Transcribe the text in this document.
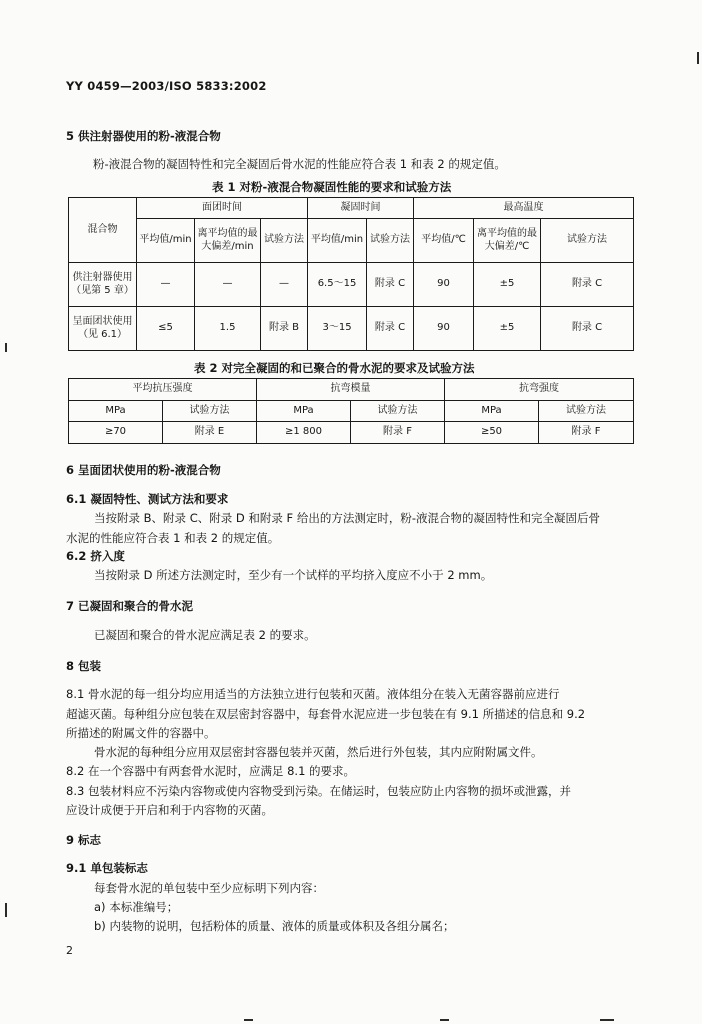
YY 0459—2003/ISO 5833:2002
5 供注射器使用的粉-液混合物
粉-液混合物的凝固特性和完全凝固后骨水泥的性能应符合表 1 和表 2 的规定值。
表 1 对粉-液混合物凝固性能的要求和试验方法
混合物	面团时间			凝固时间		最高温度		
	平均值/min	离平均值的最大偏差/min	试验方法	平均值/min	试验方法	平均值/℃	离平均值的最大偏差/℃	试验方法
供注射器使用（见第 5 章）	—	—	—	6.5～15	附录 C	90	±5	附录 C
呈面团状使用（见 6.1）	≤5	1.5	附录 B	3～15	附录 C	90	±5	附录 C
表 2 对完全凝固的和已聚合的骨水泥的要求及试验方法
平均抗压强度		抗弯模量		抗弯强度	
MPa	试验方法	MPa	试验方法	MPa	试验方法
≥70	附录 E	≥1 800	附录 F	≥50	附录 F
6 呈面团状使用的粉-液混合物
6.1 凝固特性、测试方法和要求
当按附录 B、附录 C、附录 D 和附录 F 给出的方法测定时，粉-液混合物的凝固特性和完全凝固后骨
水泥的性能应符合表 1 和表 2 的规定值。
6.2 挤入度
当按附录 D 所述方法测定时，至少有一个试样的平均挤入度应不小于 2 mm。
7 已凝固和聚合的骨水泥
已凝固和聚合的骨水泥应满足表 2 的要求。
8 包装
8.1 骨水泥的每一组分均应用适当的方法独立进行包装和灭菌。液体组分在装入无菌容器前应进行
超滤灭菌。每种组分应包装在双层密封容器中，每套骨水泥应进一步包装在有 9.1 所描述的信息和 9.2
所描述的附属文件的容器中。
骨水泥的每种组分应用双层密封容器包装并灭菌，然后进行外包装，其内应附附属文件。
8.2 在一个容器中有两套骨水泥时，应满足 8.1 的要求。
8.3 包装材料应不污染内容物或使内容物受到污染。在储运时，包装应防止内容物的损坏或泄露，并
应设计成便于开启和利于内容物的灭菌。
9 标志
9.1 单包装标志
每套骨水泥的单包装中至少应标明下列内容：
a) 本标准编号；
b) 内装物的说明，包括粉体的质量、液体的质量或体积及各组分属名；
2
